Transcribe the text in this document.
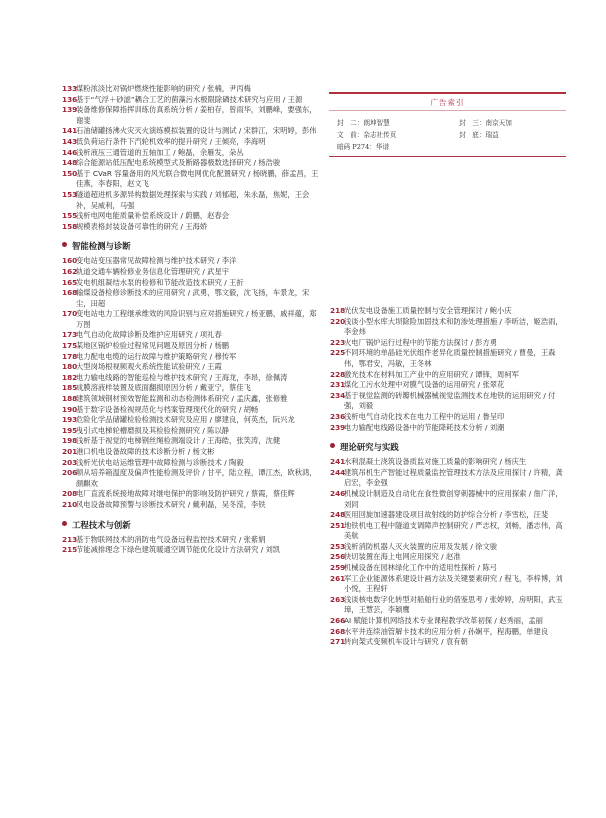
广告索引
封　二：朗坤智慧	封　三：南京天加
文　前：杂志社传页	封　底：瑞益
暗码 P274：华谱
133
煤粉浓淡比对锅炉燃烧性能影响的研究 / 张楠，尹丙梅
136
基于“气浮＋砂滤”耦合工艺的菌藻污水极限除磷技术研究与应用 / 王源
139
装备维修保障指挥训练仿真系统分析 / 姜柏存，曾雨华，刘鹏峰，要强东，谢斐
141
石油储罐扬沸火灾灭火演练模拟装置的设计与测试 / 宋群江，宋明婷，彭伟
143
低负荷运行条件下汽轮机效率的提升研究 / 王倾亮，李海明
146
浅析液压三通管道的五轴加工 / 鲍磊，余雁发，朵丛
148
综合能源站低压配电系统模型式及断路器极数选择研究 / 杨浩骏
150
基于 CVaR 容量备用的风光联合微电网优化配置研究 / 杨晓鹏，薛孟昌，王佳燕，李春阳，赵文飞
153
隧道超进机多源异构数据处理探索与实践 / 刘郁超，朱永磊，焦妮，王会补，吴威利，马强
155
浅析电网电能质量补偿系统设计 / 蔚鹏，赵春会
158
规模表格封装设备可靠性的研究 / 王海娇
智能检测与诊断
160
变电站变压器常见故障检测与维护技术研究 / 李洋
162
轨道交通车辆检修业务信息化管理研究 / 武星宇
165
发电机组凝结水泵的检修和节能改造技术研究 / 王折
168
输煤设备检修诊断技术的应用研究 / 武勇，鄂文毅，沈飞扬，车景龙，宋尘，田超
170
变电站电力工程继承维效的风险识别与应对措施研究 / 杨亚鹏，戚祥蕴，郑万图
173
电气自动化故障诊断及维护应用研究 / 项礼春
175
某地区锅炉检验过程常见问题及原因分析 / 杨鹏
178
电力配电电缆的运行故障与维护策略研究 / 穆传军
180
大型岗场根视频观火系统性能试验研究 / 王霞
182
电力输电线路的智能巡检与维护技术研究 / 王海龙，李昂，徐佩涛
185
成膜溶液样装置及底面翻损原因分析 / 戴亚宁，蔡佳飞
188
建筑领域钢材预效智能监测和动态检测体系研究 / 孟庆鑫，张修雅
190
基于数字设备检视规范化与档案管理现代化的研究 / 胡畅
193
危险化学品储罐检验检测技术研究及应用 / 廖建良，何英杰，阮兴龙
195
曳引式电梯轮槽磨损及其检验检测研究 / 陈以静
198
浅析基于视觉的电梯钢丝绳检测端设计 / 王海皓，张笑涛，沈健
201
港口机电设备故障的技术诊断分析 / 杨文彬
203
浅析光伏电站运维管理中故障检测与诊断技术 / 陶毅
206
顺从培养箱温度及偏声性能检测及评价 / 甘平，陆立程，谭江杰，欧秋鸿，颜麒欢
208
电厂直流系统接地故障对继电保护的影响及防护研究 / 蔡霞，蔡佳辉
210
风电设备故障预警与诊断技术研究 / 戴利磊，吴冬滢，李铁
工程技术与创新
213
基于物联网技术的消防电气设备远程监控技术研究 / 张紫娟
215
节能减排理念下绿色建筑暖通空调节能优化设计方法研究 / 刘凯
218
光伏发电设备施工质量控制与安全管理探讨 / 鲍小庆
220
浅谈小型水库大坝除险加固技术和防渗处理措施 / 李昕洁，姬浩雨，李金炜
223
火电厂锅炉运行过程中的节能方法探讨 / 彭方勇
225
不同环境的单晶硅光伏组件老异化质量控制措施研究 / 曹曼，王森伟，鄂君安，冯敏，王冬林
228
激光技术在材料加工产业中的应用研究 / 谭锋，周柯军
231
煤化工污水处理中对膜气设备的运用研究 / 张翠花
234
基于视觉监测的砖瓣机械器械视觉监测技术在地铁的运用研究 / 付强，刘毅
236
浅析电气自动化技术在电力工程中的运用 / 鲁呈印
239
电力输配电线路设备中的节能降耗技术分析 / 刘潮
理论研究与实践
241
水利混凝土浇筑设备质监对施工质量的影响研究 / 杨庆生
244
建筑吊机生产智能过程质量监控管理技术方法及应用探讨 / 许精，龚启宏，李金强
246
机械设计制造及自动化在食性微创穿刺器械中的应用探索 / 詹广洋，刘同
248
医用回旋加速器建设项目故射线的防护综合分析 / 李雪松，汪斐
251
地铁机电工程中隧道支调障声控制研究 / 严志权，刘畅，潘志伟，高美航
253
浅析消防机器人灭火装置的应用及发展 / 徐文骏
256
快切装置在海上电网应用探究 / 赵准
259
机械设备在园林绿化工作中的适用性探析 / 陈弓
261
军工企业能源体系建设计画方法及关键要素研究 / 程飞，李梓博，刘小悦，王程轩
263
浅谈核电数字化转型对船舶行业的借鉴思考 / 张婷婷，房明阳，武玉璋，王慧芸，李颖鹰
266
AI 赋能计算机网络技术专业课程教学改革初探 / 赵秀丽，孟丽
268
水平井连续油管解卡技术的应用分析 / 孙娴平，程海鹏，单建良
271
转向架式变频机车设计与研究 / 袁有朝
